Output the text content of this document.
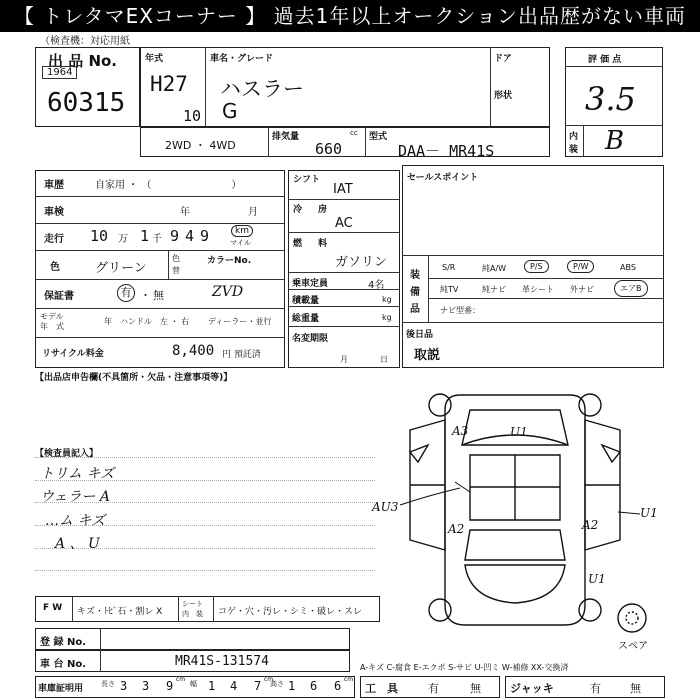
【 トレタマEXコーナー 】 過去1年以上オークション出品歴がない車両
（検査機：対応用紙
出 品 No.
1964
60315
年式
H27
10
車名・グレード
ハスラー
G
ドア
形状
2WD ・ 4WD
排気量	cc
660
型式
DAA－ MR41S
評 価 点
3.5
内
装 B
車歴	自家用 ・ （　　　　　　　　）
車検	年	月
走行 10 万 1 千 949	km
マイル
色	グリーン
色
替
カラーNo.
保証書	有 ・ 無	ZVD
モデル
年　式
年 ハンドル　左 ・ 右 ディーラー・並行
リサイクル料金	8,400 円 預託済
シフト
IAT
冷 房
AC
燃 料
ガソリン
乗車定員	4名
積載量	kg
総重量	kg
名変期限
月	日
セールスポイント
装
備
品
S/R	純A/W	P/S	P/W	ABS
純TV	純ナビ 革シート 外ナビ	エアB
ナビ型番：
後日品
取説
【出品店申告欄(不具箇所・欠品・注意事項等)】
【検査員記入】
トリム キズ
ウェラー A
…ム キズ
A 、 U
A3	U1
AU3
A2	A2
U1
U1
スペア
F W キズ・ﾄﾋﾞ石・割レ X
シート
内　装 コゲ・穴・汚レ・シミ・破レ・スレ
登 録 No.
車 台 No.	MR41S-131574	A-キズ C-腐食 E-エクボ S-サビ U-凹ミ W-補修 XX-交換済
車庫証明用	長さ 3 3 9 cm
幅 1 4 7 cm
高さ 1 6 6 cm
工　具	有	無	ジャッキ	有	無
